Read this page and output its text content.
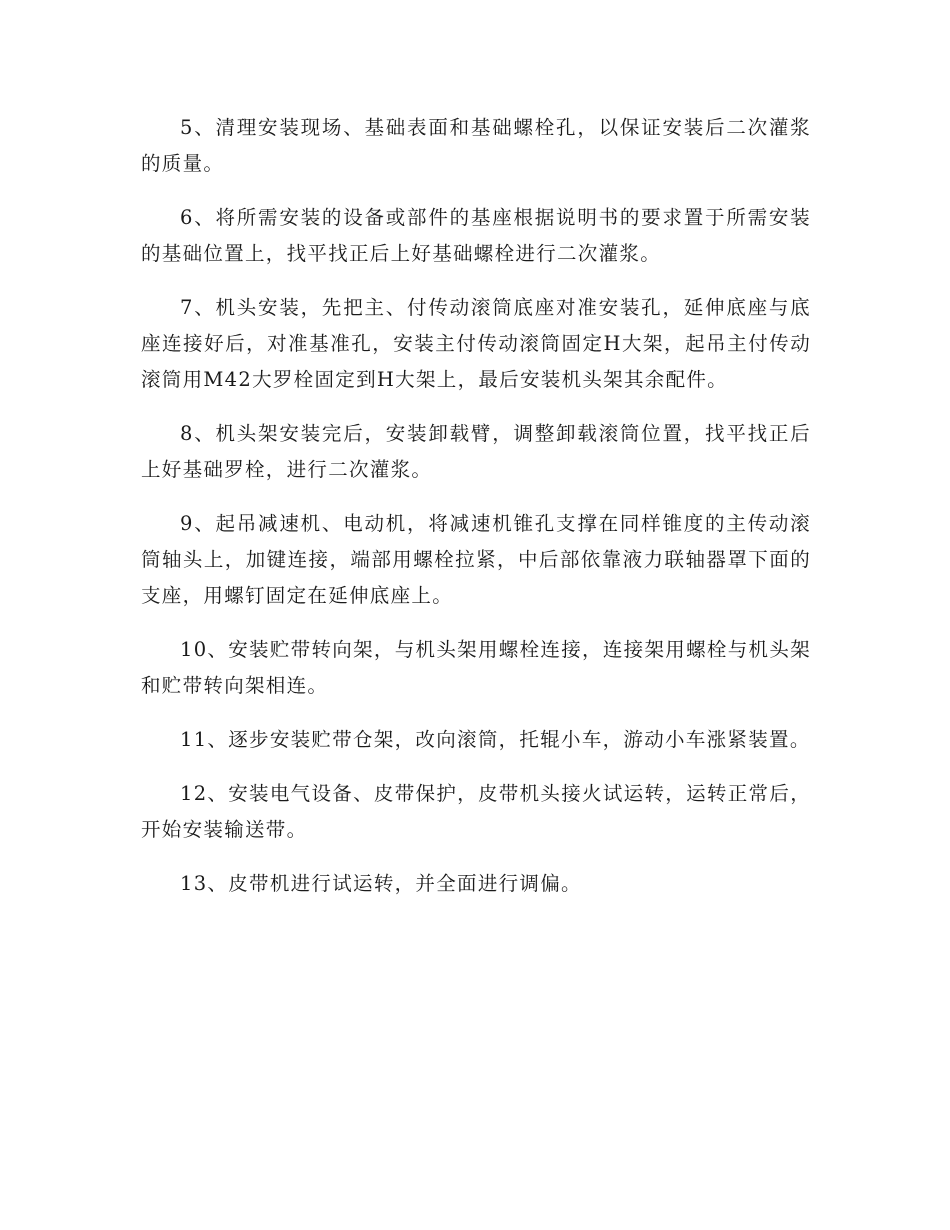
5、清理安装现场、基础表面和基础螺栓孔，以保证安装后二次灌浆的质量。

6、将所需安装的设备或部件的基座根据说明书的要求置于所需安装的基础位置上，找平找正后上好基础螺栓进行二次灌浆。

7、机头安装，先把主、付传动滚筒底座对准安装孔，延伸底座与底座连接好后，对准基准孔，安装主付传动滚筒固定H大架，起吊主付传动滚筒用M42大罗栓固定到H大架上，最后安装机头架其余配件。

8、机头架安装完后，安装卸载臂，调整卸载滚筒位置，找平找正后上好基础罗栓，进行二次灌浆。

9、起吊减速机、电动机，将减速机锥孔支撑在同样锥度的主传动滚筒轴头上，加键连接，端部用螺栓拉紧，中后部依靠液力联轴器罩下面的支座，用螺钉固定在延伸底座上。

10、安装贮带转向架，与机头架用螺栓连接，连接架用螺栓与机头架和贮带转向架相连。

11、逐步安装贮带仓架，改向滚筒，托辊小车，游动小车涨紧装置。

12、安装电气设备、皮带保护，皮带机头接火试运转，运转正常后，开始安装输送带。

13、皮带机进行试运转，并全面进行调偏。
